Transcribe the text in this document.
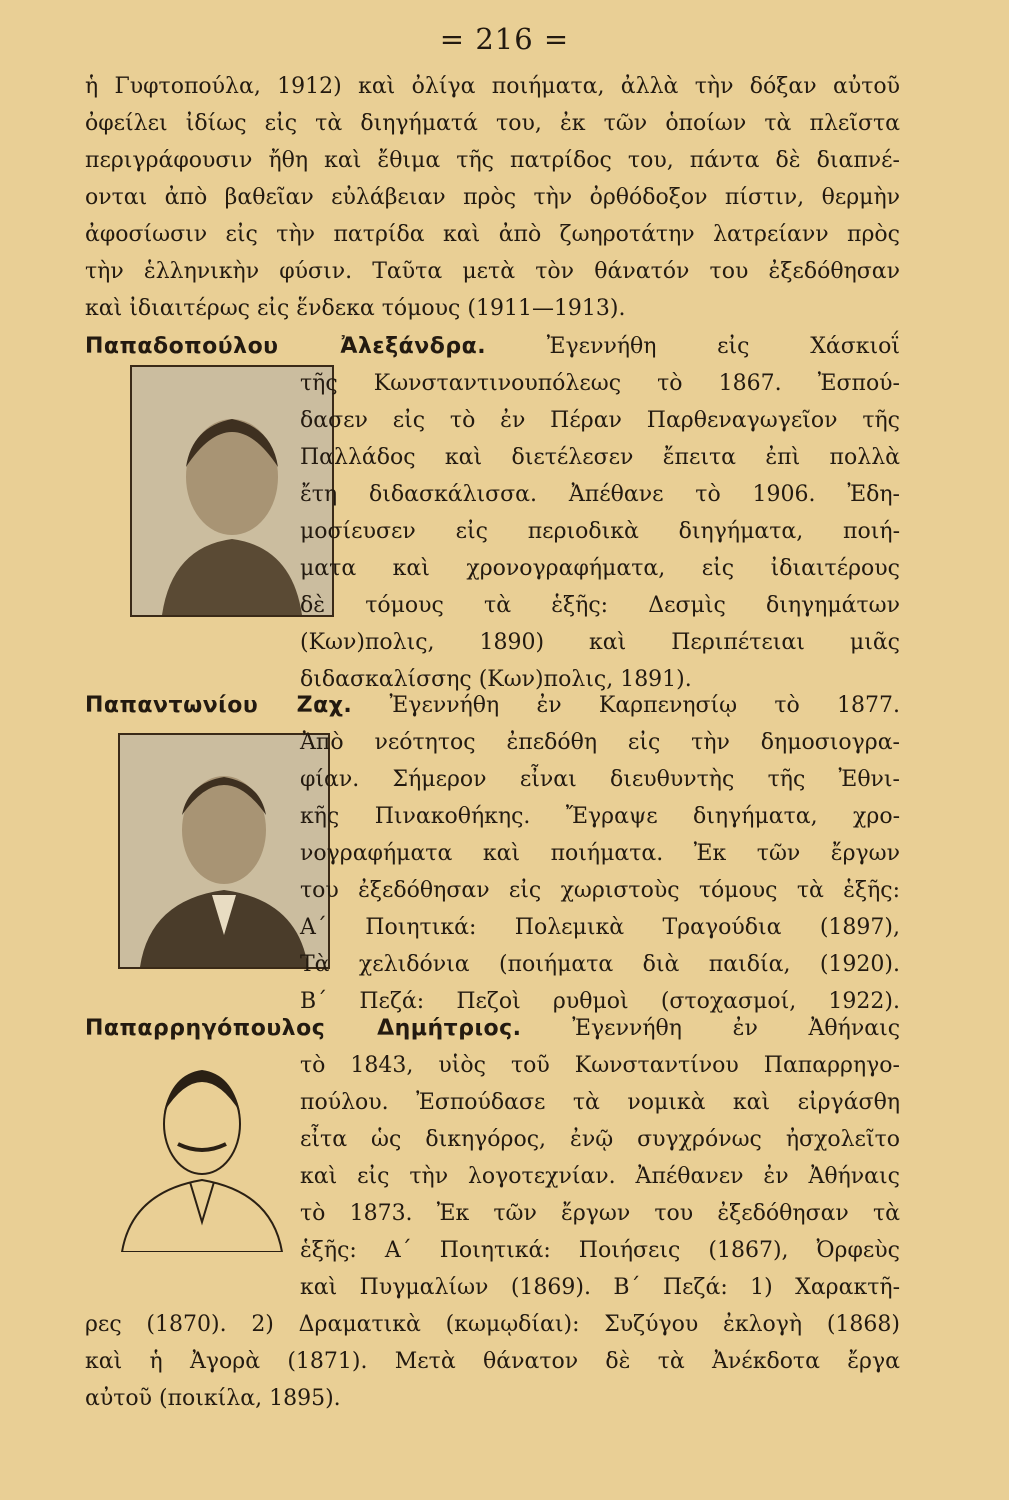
= 216 =
ἡ Γυφτοπούλα, 1912) καὶ ὀλίγα ποιήματα, ἀλλὰ τὴν δόξαν αὐτοῦ
ὀφείλει ἰδίως εἰς τὰ διηγήματά του, ἐκ τῶν ὁποίων τὰ πλεῖστα
περιγράφουσιν ἤθη καὶ ἔθιμα τῆς πατρίδος του, πάντα δὲ διαπνέ-
ονται ἀπὸ βαθεῖαν εὐλάβειαν πρὸς τὴν ὀρθόδοξον πίστιν, θερμὴν
ἀφοσίωσιν εἰς τὴν πατρίδα καὶ ἀπὸ ζωηροτάτην λατρείανν πρὸς
τὴν ἑλληνικὴν φύσιν. Ταῦτα μετὰ τὸν θάνατόν του ἐξεδόθησαν
καὶ ἰδιαιτέρως εἰς ἕνδεκα τόμους (1911—1913).
Παπαδοπούλου Ἀλεξάνδρα.	Ἐγεννήθη εἰς Χάσκιοΐ
τῆς Κωνσταντινουπόλεως τὸ 1867. Ἐσπού-
δασεν εἰς τὸ ἐν Πέραν Παρθεναγωγεῖον τῆς
Παλλάδος καὶ διετέλεσεν ἔπειτα ἐπὶ πολλὰ
ἔτη διδασκάλισσα. Ἀπέθανε τὸ 1906. Ἐδη-
μοσίευσεν εἰς περιοδικὰ διηγήματα, ποιή-
ματα καὶ χρονογραφήματα, εἰς ἰδιαιτέρους
δὲ τόμους τὰ ἑξῆς: Δεσμὶς διηγημάτων
(Κων)πολις, 1890) καὶ Περιπέτειαι μιᾶς
διδασκαλίσσης (Κων)πολις, 1891).
Παπαντωνίου Ζαχ. Ἐγεννήθη ἐν Καρπενησίῳ τὸ 1877.
Ἀπὸ νεότητος ἐπεδόθη εἰς τὴν δημοσιογρα-
φίαν. Σήμερον εἶναι διευθυντὴς τῆς Ἐθνι-
κῆς Πινακοθήκης. Ἔγραψε διηγήματα, χρο-
νογραφήματα καὶ ποιήματα. Ἐκ τῶν ἔργων
του ἐξεδόθησαν εἰς χωριστοὺς τόμους τὰ ἑξῆς:
Α΄ Ποιητικά: Πολεμικὰ Τραγούδια (1897),
Τὰ χελιδόνια (ποιήματα διὰ παιδία, (1920).
Β΄ Πεζά: Πεζοὶ ρυθμοὶ (στοχασμοί, 1922).
Παπαρρηγόπουλος Δημήτριος. Ἐγεννήθη ἐν Ἀθήναις
τὸ 1843, υἱὸς τοῦ Κωνσταντίνου Παπαρρηγο-
πούλου. Ἐσπούδασε τὰ νομικὰ καὶ εἰργάσθη
εἶτα ὡς δικηγόρος, ἐνῷ συγχρόνως ἠσχολεῖτο
καὶ εἰς τὴν λογοτεχνίαν. Ἀπέθανεν ἐν Ἀθήναις
τὸ 1873. Ἐκ τῶν ἔργων του ἐξεδόθησαν τὰ
ἑξῆς: Α΄ Ποιητικά: Ποιήσεις (1867), Ὀρφεὺς
καὶ Πυγμαλίων (1869). Β΄ Πεζά: 1) Χαρακτῆ-
ρες (1870). 2) Δραματικὰ (κωμῳδίαι): Συζύγου ἐκλογὴ (1868)
καὶ ἡ Ἀγορὰ (1871). Μετὰ θάνατον δὲ τὰ Ἀνέκδοτα ἔργα
αὐτοῦ (ποικίλα, 1895).
